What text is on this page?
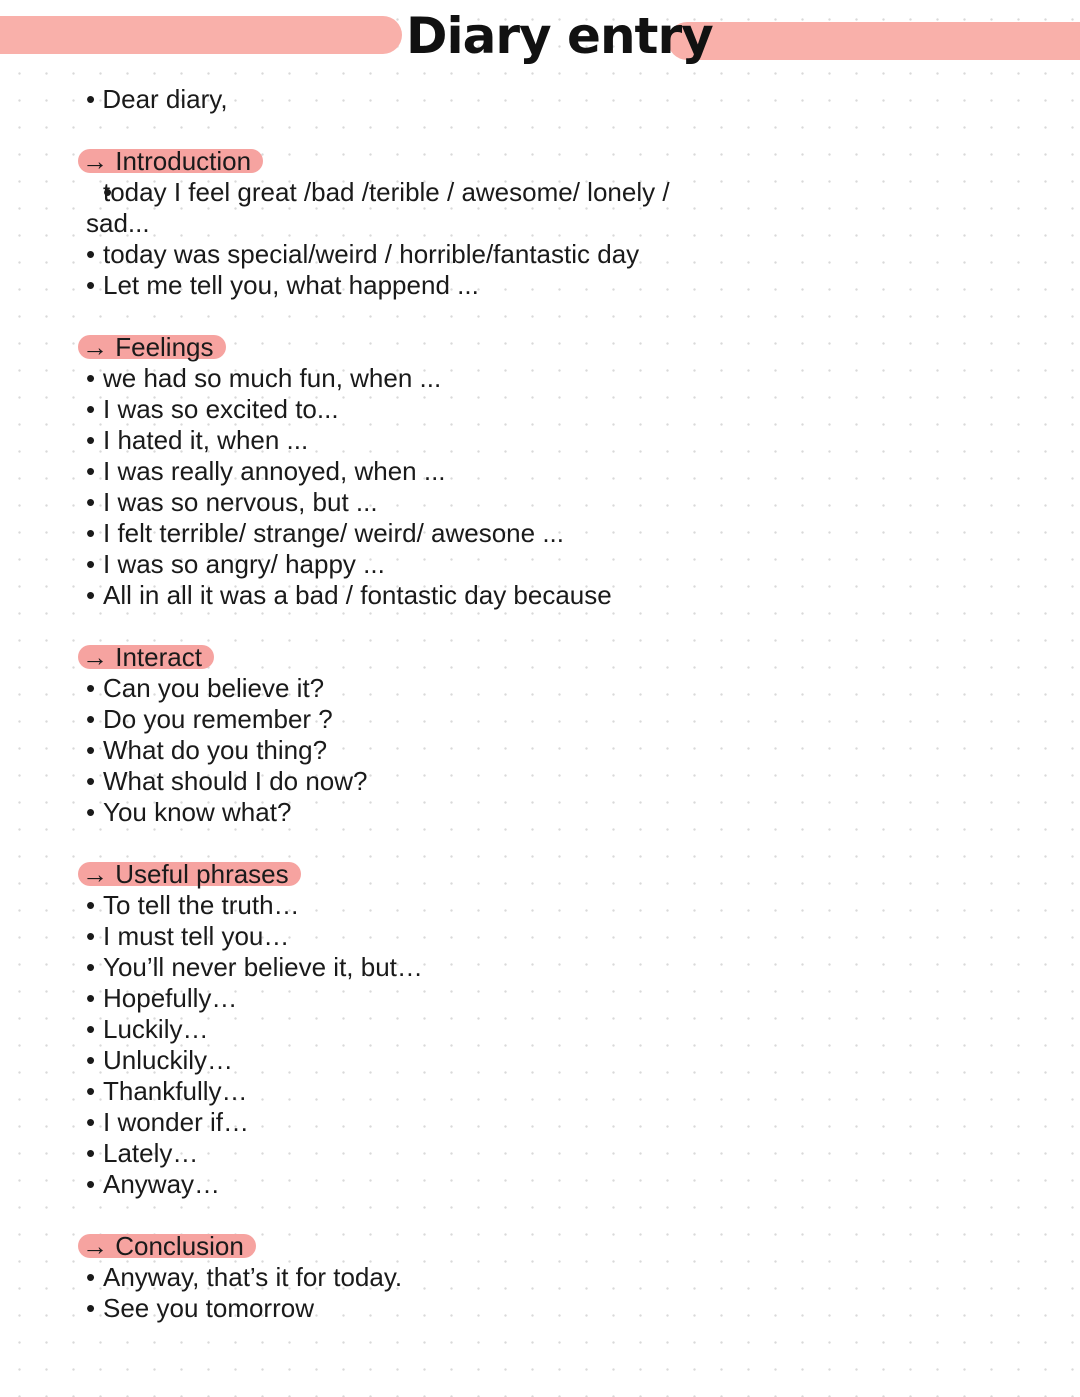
Diary entry
• Dear diary,
→ Introduction
• today I feel great /bad /terible / awesome/ lonely / sad...
• today was special/weird / horrible/fantastic day
• Let me tell you, what happend ...
→ Feelings
• we had so much fun, when ...
• I was so excited to...
• I hated it, when ...
• I was really annoyed, when ...
• I was so nervous, but ...
• I felt terrible/ strange/ weird/ awesone ...
• I was so angry/ happy ...
• All in all it was a bad / fontastic day because
→ Interact
• Can you believe it?
• Do you remember ?
• What do you thing?
• What should I do now?
• You know what?
→ Useful phrases
• To tell the truth…
• I must tell you…
• You’ll never believe it, but…
• Hopefully…
• Luckily…
• Unluckily…
• Thankfully…
• I wonder if…
• Lately…
• Anyway…
→ Conclusion
• Anyway, that’s it for today.
• See you tomorrow
